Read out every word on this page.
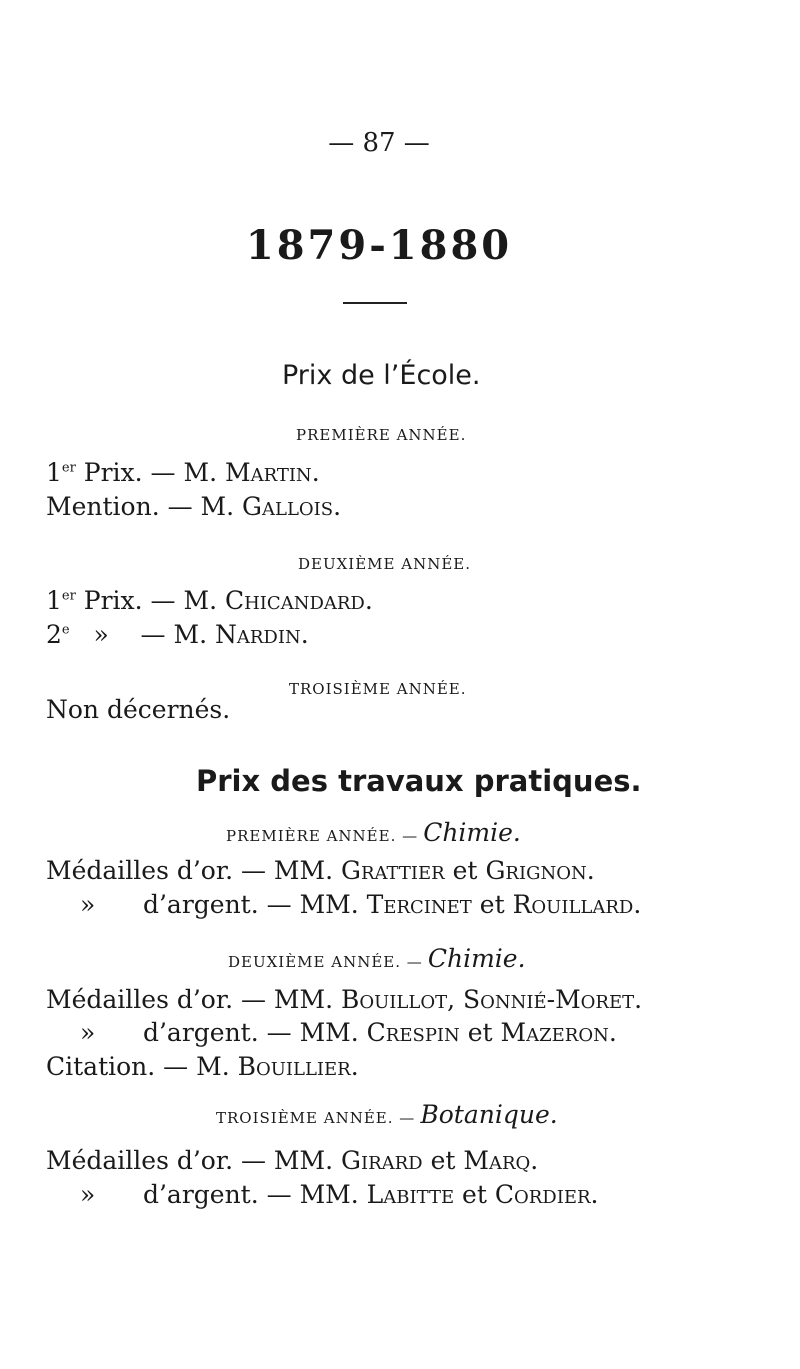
— 87 —
1879-1880
Prix de l’École.
PREMIÈRE ANNÉE.
1er Prix. — M. Martin.
Mention. — M. Gallois.
DEUXIÈME ANNÉE.
1er Prix. — M. Chicandard.
2e   »    — M. Nardin.
TROISIÈME ANNÉE.
Non décernés.
Prix des travaux pratiques.
PREMIÈRE ANNÉE. — Chimie.
Médailles d’or. — MM. Grattier et Grignon.
»      d’argent. — MM. Tercinet et Rouillard.
DEUXIÈME ANNÉE. — Chimie.
Médailles d’or. — MM. Bouillot, Sonnié-Moret.
»      d’argent. — MM. Crespin et Mazeron.
Citation. — M. Bouillier.
TROISIÈME ANNÉE. — Botanique.
Médailles d’or. — MM. Girard et Marq.
»      d’argent. — MM. Labitte et Cordier.
